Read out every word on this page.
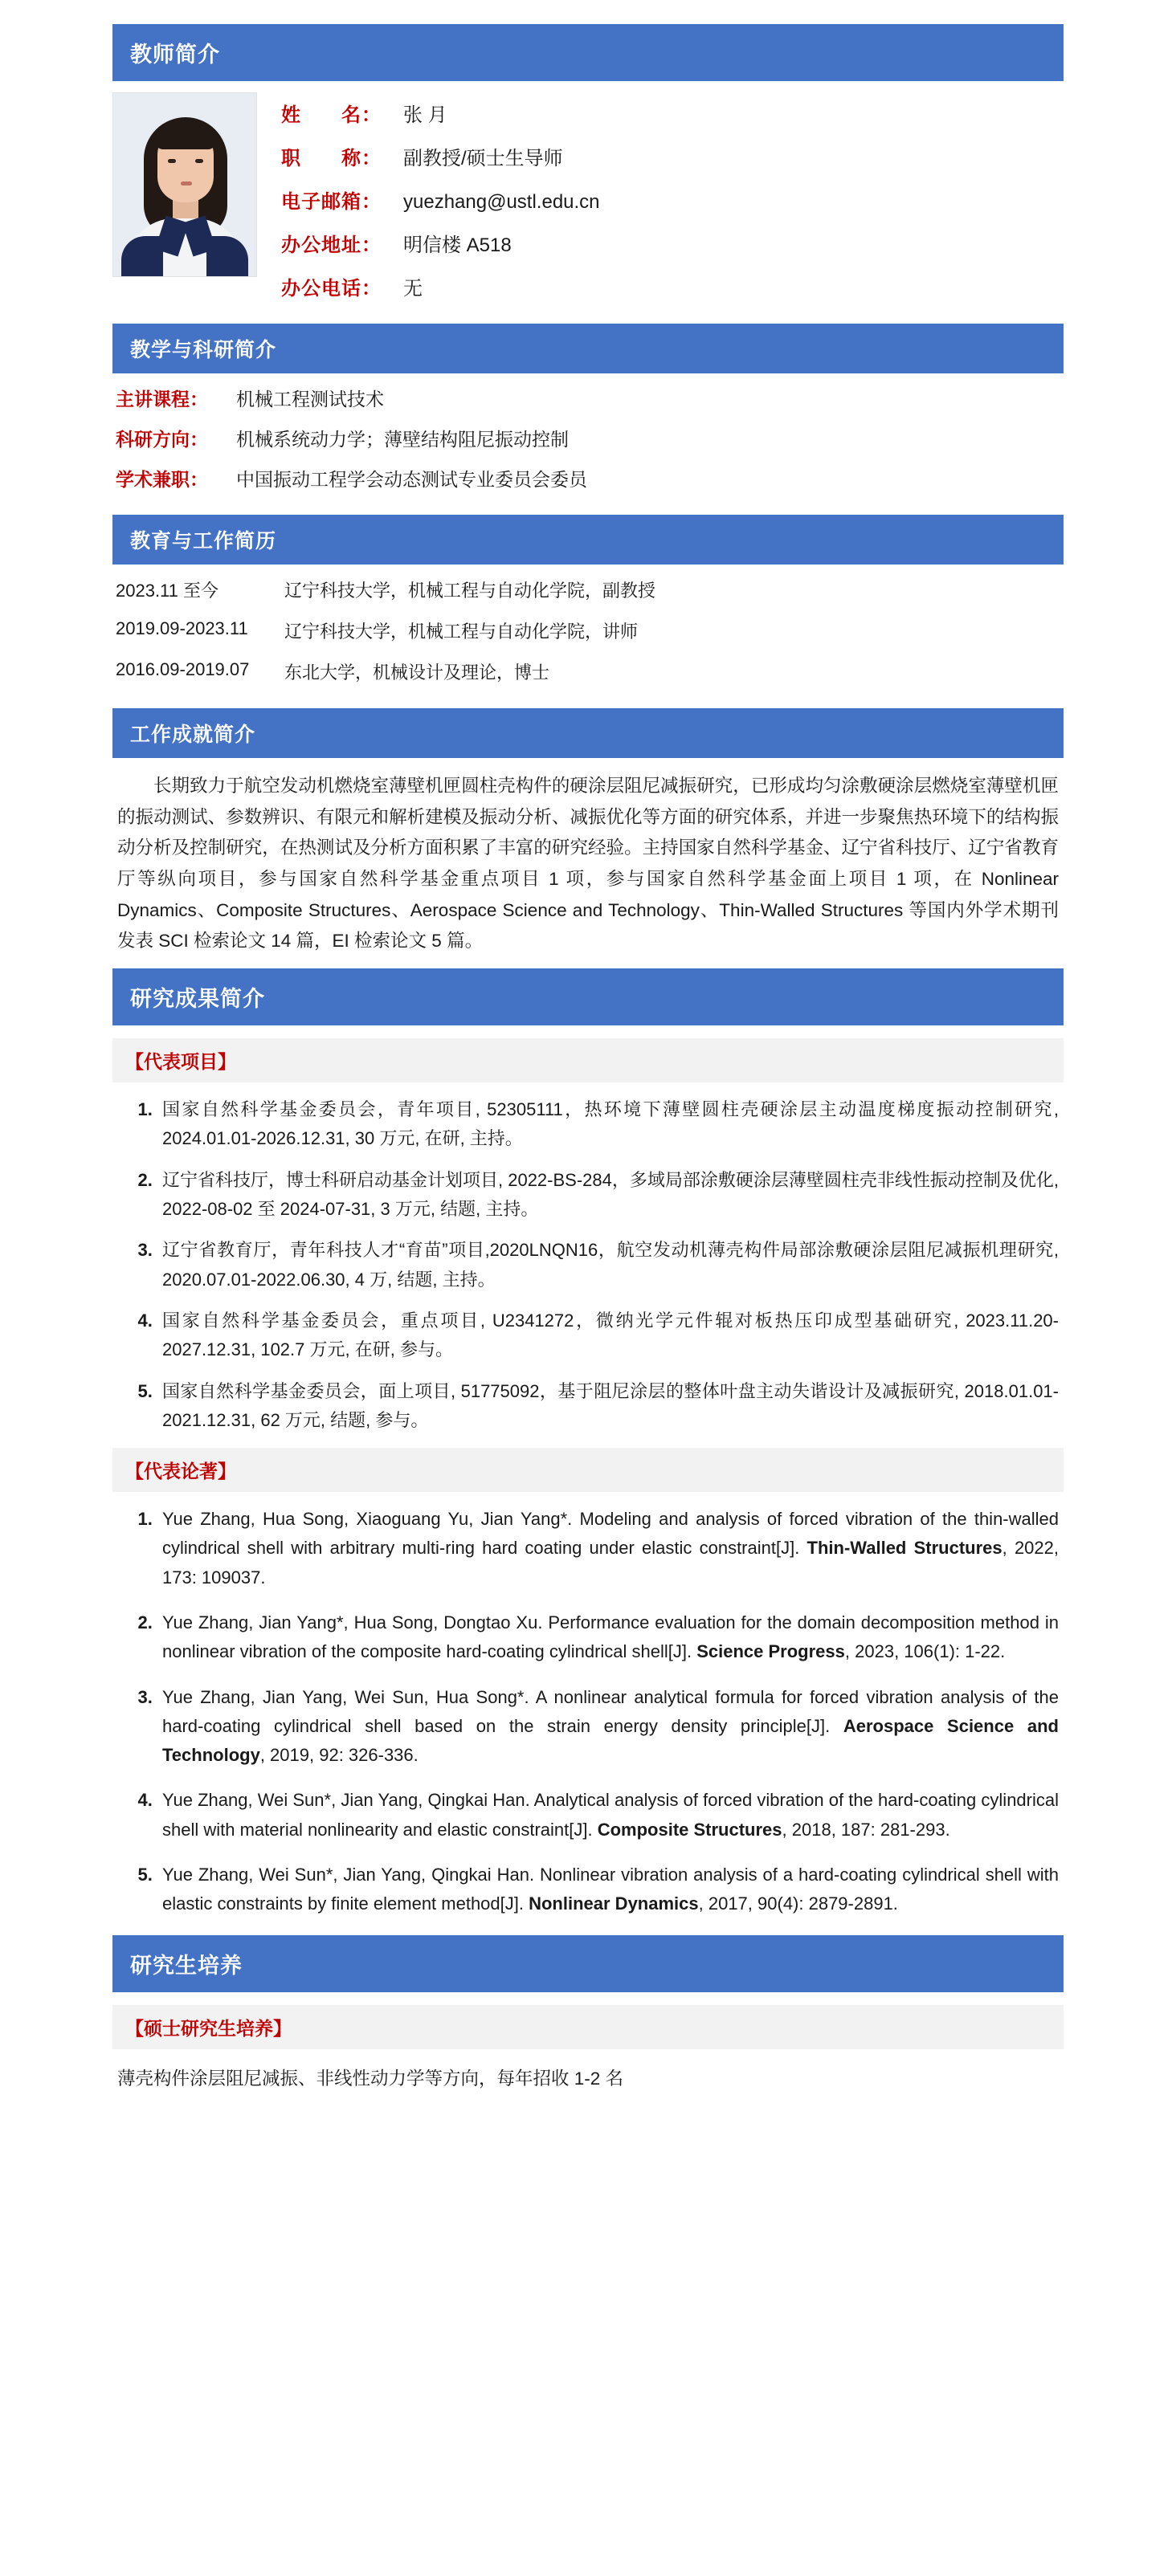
教师简介
姓　　名：	张 月
职　　称：	副教授/硕士生导师
电子邮箱：	yuezhang@ustl.edu.cn
办公地址：	明信楼 A518
办公电话：	无
教学与科研简介
主讲课程：	机械工程测试技术
科研方向：	机械系统动力学；薄壁结构阻尼振动控制
学术兼职：	中国振动工程学会动态测试专业委员会委员
教育与工作简历
2023.11 至今	辽宁科技大学，机械工程与自动化学院，副教授
2019.09-2023.11	辽宁科技大学，机械工程与自动化学院，讲师
2016.09-2019.07	东北大学，机械设计及理论，博士
工作成就简介
长期致力于航空发动机燃烧室薄壁机匣圆柱壳构件的硬涂层阻尼减振研究，已形成均匀涂敷硬涂层燃烧室薄壁机匣的振动测试、参数辨识、有限元和解析建模及振动分析、减振优化等方面的研究体系，并进一步聚焦热环境下的结构振动分析及控制研究，在热测试及分析方面积累了丰富的研究经验。主持国家自然科学基金、辽宁省科技厅、辽宁省教育厅等纵向项目，参与国家自然科学基金重点项目 1 项，参与国家自然科学基金面上项目 1 项，在 Nonlinear Dynamics、Composite Structures、Aerospace Science and Technology、Thin-Walled Structures 等国内外学术期刊发表 SCI 检索论文 14 篇，EI 检索论文 5 篇。
研究成果简介
【代表项目】
1. 国家自然科学基金委员会，青年项目, 52305111，热环境下薄壁圆柱壳硬涂层主动温度梯度振动控制研究, 2024.01.01-2026.12.31, 30 万元, 在研, 主持。
2. 辽宁省科技厅，博士科研启动基金计划项目, 2022-BS-284，多域局部涂敷硬涂层薄壁圆柱壳非线性振动控制及优化, 2022-08-02 至 2024-07-31, 3 万元, 结题, 主持。
3. 辽宁省教育厅，青年科技人才“育苗”项目,2020LNQN16，航空发动机薄壳构件局部涂敷硬涂层阻尼减振机理研究, 2020.07.01-2022.06.30, 4 万, 结题, 主持。
4. 国家自然科学基金委员会，重点项目, U2341272，微纳光学元件辊对板热压印成型基础研究, 2023.11.20-2027.12.31, 102.7 万元, 在研, 参与。
5. 国家自然科学基金委员会，面上项目, 51775092，基于阻尼涂层的整体叶盘主动失谐设计及减振研究, 2018.01.01-2021.12.31, 62 万元, 结题, 参与。
【代表论著】
1. Yue Zhang, Hua Song, Xiaoguang Yu, Jian Yang*. Modeling and analysis of forced vibration of the thin-walled cylindrical shell with arbitrary multi-ring hard coating under elastic constraint[J]. Thin-Walled Structures, 2022, 173: 109037.
2. Yue Zhang, Jian Yang*, Hua Song, Dongtao Xu. Performance evaluation for the domain decomposition method in nonlinear vibration of the composite hard-coating cylindrical shell[J]. Science Progress, 2023, 106(1): 1-22.
3. Yue Zhang, Jian Yang, Wei Sun, Hua Song*. A nonlinear analytical formula for forced vibration analysis of the hard-coating cylindrical shell based on the strain energy density principle[J]. Aerospace Science and Technology, 2019, 92: 326-336.
4. Yue Zhang, Wei Sun*, Jian Yang, Qingkai Han. Analytical analysis of forced vibration of the hard-coating cylindrical shell with material nonlinearity and elastic constraint[J]. Composite Structures, 2018, 187: 281-293.
5. Yue Zhang, Wei Sun*, Jian Yang, Qingkai Han. Nonlinear vibration analysis of a hard-coating cylindrical shell with elastic constraints by finite element method[J]. Nonlinear Dynamics, 2017, 90(4): 2879-2891.
研究生培养
【硕士研究生培养】
薄壳构件涂层阻尼减振、非线性动力学等方向，每年招收 1-2 名
